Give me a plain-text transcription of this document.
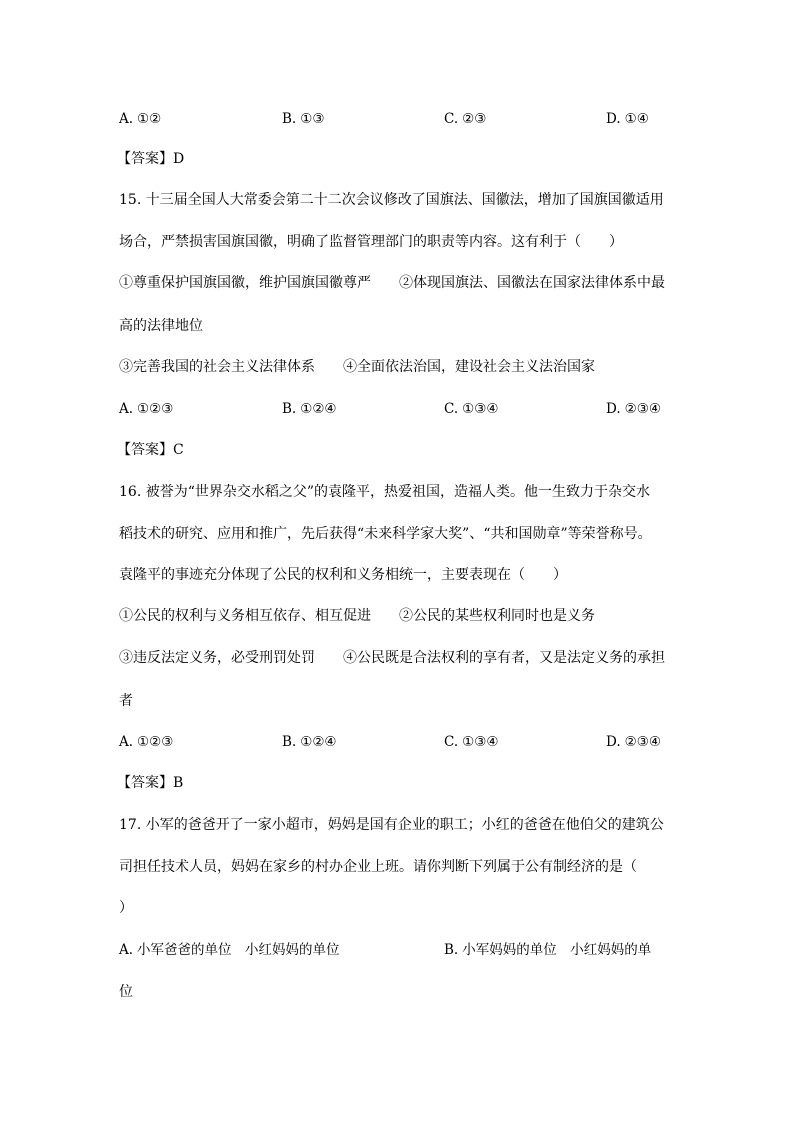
A. ①②	B. ①③	C. ②③	D. ①④
【答案】D
15. 十三届全国人大常委会第二十二次会议修改了国旗法、国徽法，增加了国旗国徽适用
场合，严禁损害国旗国徽，明确了监督管理部门的职责等内容。这有利于（　　）
①尊重保护国旗国徽，维护国旗国徽尊严　　②体现国旗法、国徽法在国家法律体系中最
高的法律地位
③完善我国的社会主义法律体系　　④全面依法治国，建设社会主义法治国家
A. ①②③	B. ①②④	C. ①③④	D. ②③④
【答案】C
16. 被誉为“世界杂交水稻之父”的袁隆平，热爱祖国，造福人类。他一生致力于杂交水
稻技术的研究、应用和推广，先后获得“未来科学家大奖”、“共和国勋章”等荣誉称号。
袁隆平的事迹充分体现了公民的权利和义务相统一，主要表现在（　　）
①公民的权利与义务相互依存、相互促进　　②公民的某些权利同时也是义务
③违反法定义务，必受刑罚处罚　　④公民既是合法权利的享有者，又是法定义务的承担
者
A. ①②③	B. ①②④	C. ①③④	D. ②③④
【答案】B
17. 小军的爸爸开了一家小超市，妈妈是国有企业的职工；小红的爸爸在他伯父的建筑公
司担任技术人员，妈妈在家乡的村办企业上班。请你判断下列属于公有制经济的是（
）
A. 小军爸爸的单位　小红妈妈的单位	B. 小军妈妈的单位　小红妈妈的单
位
